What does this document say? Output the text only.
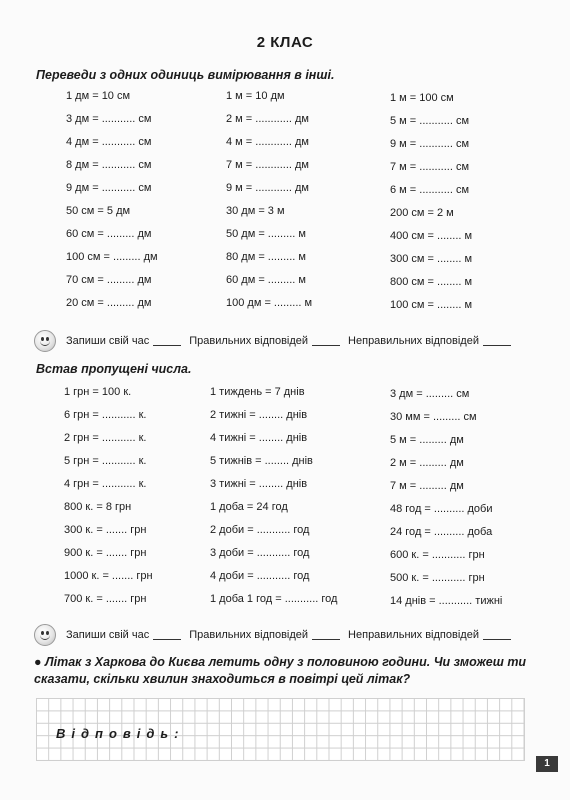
2 КЛАС
Переведи з одних одиниць вимірювання в інші.
1 дм = 10 см
3 дм = ........... см
4 дм = ........... см
8 дм = ........... см
9 дм = ........... см
50 см = 5 дм
60 см = ......... дм
100 см = ......... дм
70 см = ......... дм
20 см = ......... дм
1 м = 10 дм
2 м = ............ дм
4 м = ............ дм
7 м = ............ дм
9 м = ............ дм
30 дм = 3 м
50 дм = ......... м
80 дм = ......... м
60 дм = ......... м
100 дм = ......... м
1 м = 100 см
5 м = ........... см
9 м = ........... см
7 м = ........... см
6 м = ........... см
200 см = 2 м
400 см = ........ м
300 см = ........ м
800 см = ........ м
100 см = ........ м
Запиши свій час	Правильних відповідей	Неправильних відповідей
Встав пропущені числа.
1 грн = 100 к.
6 грн = ........... к.
2 грн = ........... к.
5 грн = ........... к.
4 грн = ........... к.
800 к. = 8 грн
300 к. = ....... грн
900 к. = ....... грн
1000 к. = ....... грн
700 к. = ....... грн
1 тиждень = 7 днів
2 тижні = ........ днів
4 тижні = ........ днів
5 тижнів = ........ днів
3 тижні = ........ днів
1 доба = 24 год
2 доби = ........... год
3 доби = ........... год
4 доби = ........... год
1 доба 1 год = ........... год
3 дм = ......... см
30 мм = ......... см
5 м = ......... дм
2 м = ......... дм
7 м = ......... дм
48 год = .......... доби
24 год = .......... доба
600 к. = ........... грн
500 к. = ........... грн
14 днів = ........... тижні
Запиши свій час	Правильних відповідей	Неправильних відповідей
● Літак з Харкова до Києва летить одну з половиною години. Чи зможеш ти сказати, скільки хвилин знаходиться в повітрі цей літак?
Відповідь:
1
